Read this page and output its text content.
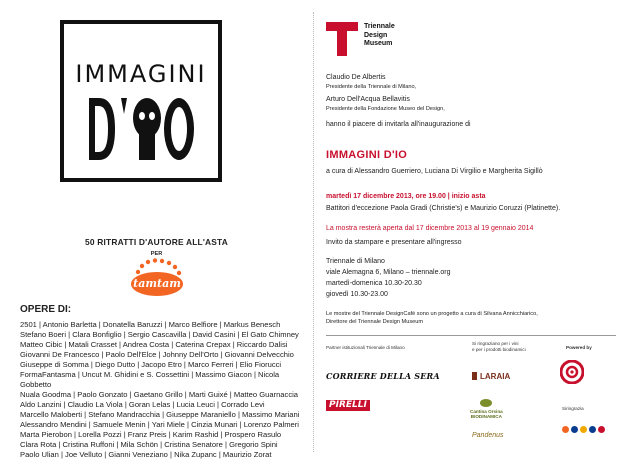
IMMAGINI
50 RITRATTI D'AUTORE ALL'ASTA
PER
tamtam
OPERE DI:
2501 | Antonio Barletta | Donatella Baruzzi | Marco Belfiore | Markus Benesch
Stefano Boeri | Clara Bonfiglio | Sergio Cascavilla | David Casini | El Gato Chimney
Matteo Cibic | Matali Crasset | Andrea Costa | Caterina Crepax | Riccardo Dalisi
Giovanni De Francesco | Paolo Dell'Elce | Johnny Dell'Orto | Giovanni Delvecchio
Giuseppe di Somma | Diego Dutto | Jacopo Etro | Marco Ferreri | Elio Fiorucci
FormaFantasma | Uncut M. Ghidini e S. Cossettini | Massimo Giacon | Nicola Gobbetto
Nuala Goodma | Paolo Gonzato | Gaetano Grillo | Marti Guixé | Matteo Guarnaccia
Aldo Lanzini | Claudio La Viola | Goran Lelas | Lucia Leuci | Corrado Levi
Marcello Maloberti | Stefano Mandracchia | Giuseppe Maraniello | Massimo Mariani
Alessandro Mendini | Samuele Menin | Yari Miele | Cinzia Munari | Lorenzo Palmeri
Marta Pierobon | Lorella Pozzi | Franz Preis | Karim Rashid | Prospero Rasulo
Clara Rota | Cristina Ruffoni | Mila Schön | Cristina Senatore | Gregorio Spini
Paolo Ulian | Joe Velluto | Gianni Veneziano | Nika Zupanc | Maurizio Zorat
Triennale
Design
Museum
Claudio De Albertis
Presidente della Triennale di Milano,
Arturo Dell'Acqua Bellavitis
Presidente della Fondazione Museo del Design,
hanno il piacere di invitarla all'inaugurazione di
IMMAGINI D'IO
a cura di Alessandro Guerriero, Luciana Di Virgilio e Margherita Sigillò
martedì 17 dicembre 2013, ore 19.00 | inizio asta
Battitori d'eccezione Paola Gradi (Christie's) e Maurizio Coruzzi (Platinette).
La mostra resterà aperta dal 17 dicembre 2013 al 19 gennaio 2014
Invito da stampare e presentare all'ingresso
Triennale di Milano
viale Alemagna 6, Milano – triennale.org
martedì-domenica 10.30-20.30
giovedì 10.30-23.00
Le mostre del Triennale DesignCafé sono un progetto a cura di Silvana Annicchiarico,
Direttore del Triennale Design Museum
Partner istituzionali Triennale di Milano
Si ringraziano per i vini
e per i prodotti biodinamici	Powered by
CORRIERE DELLA SERA
PIRELLI
LARAIA
Cantina Orsina
BIODINAMICA
Pandenus
Siringrazia
